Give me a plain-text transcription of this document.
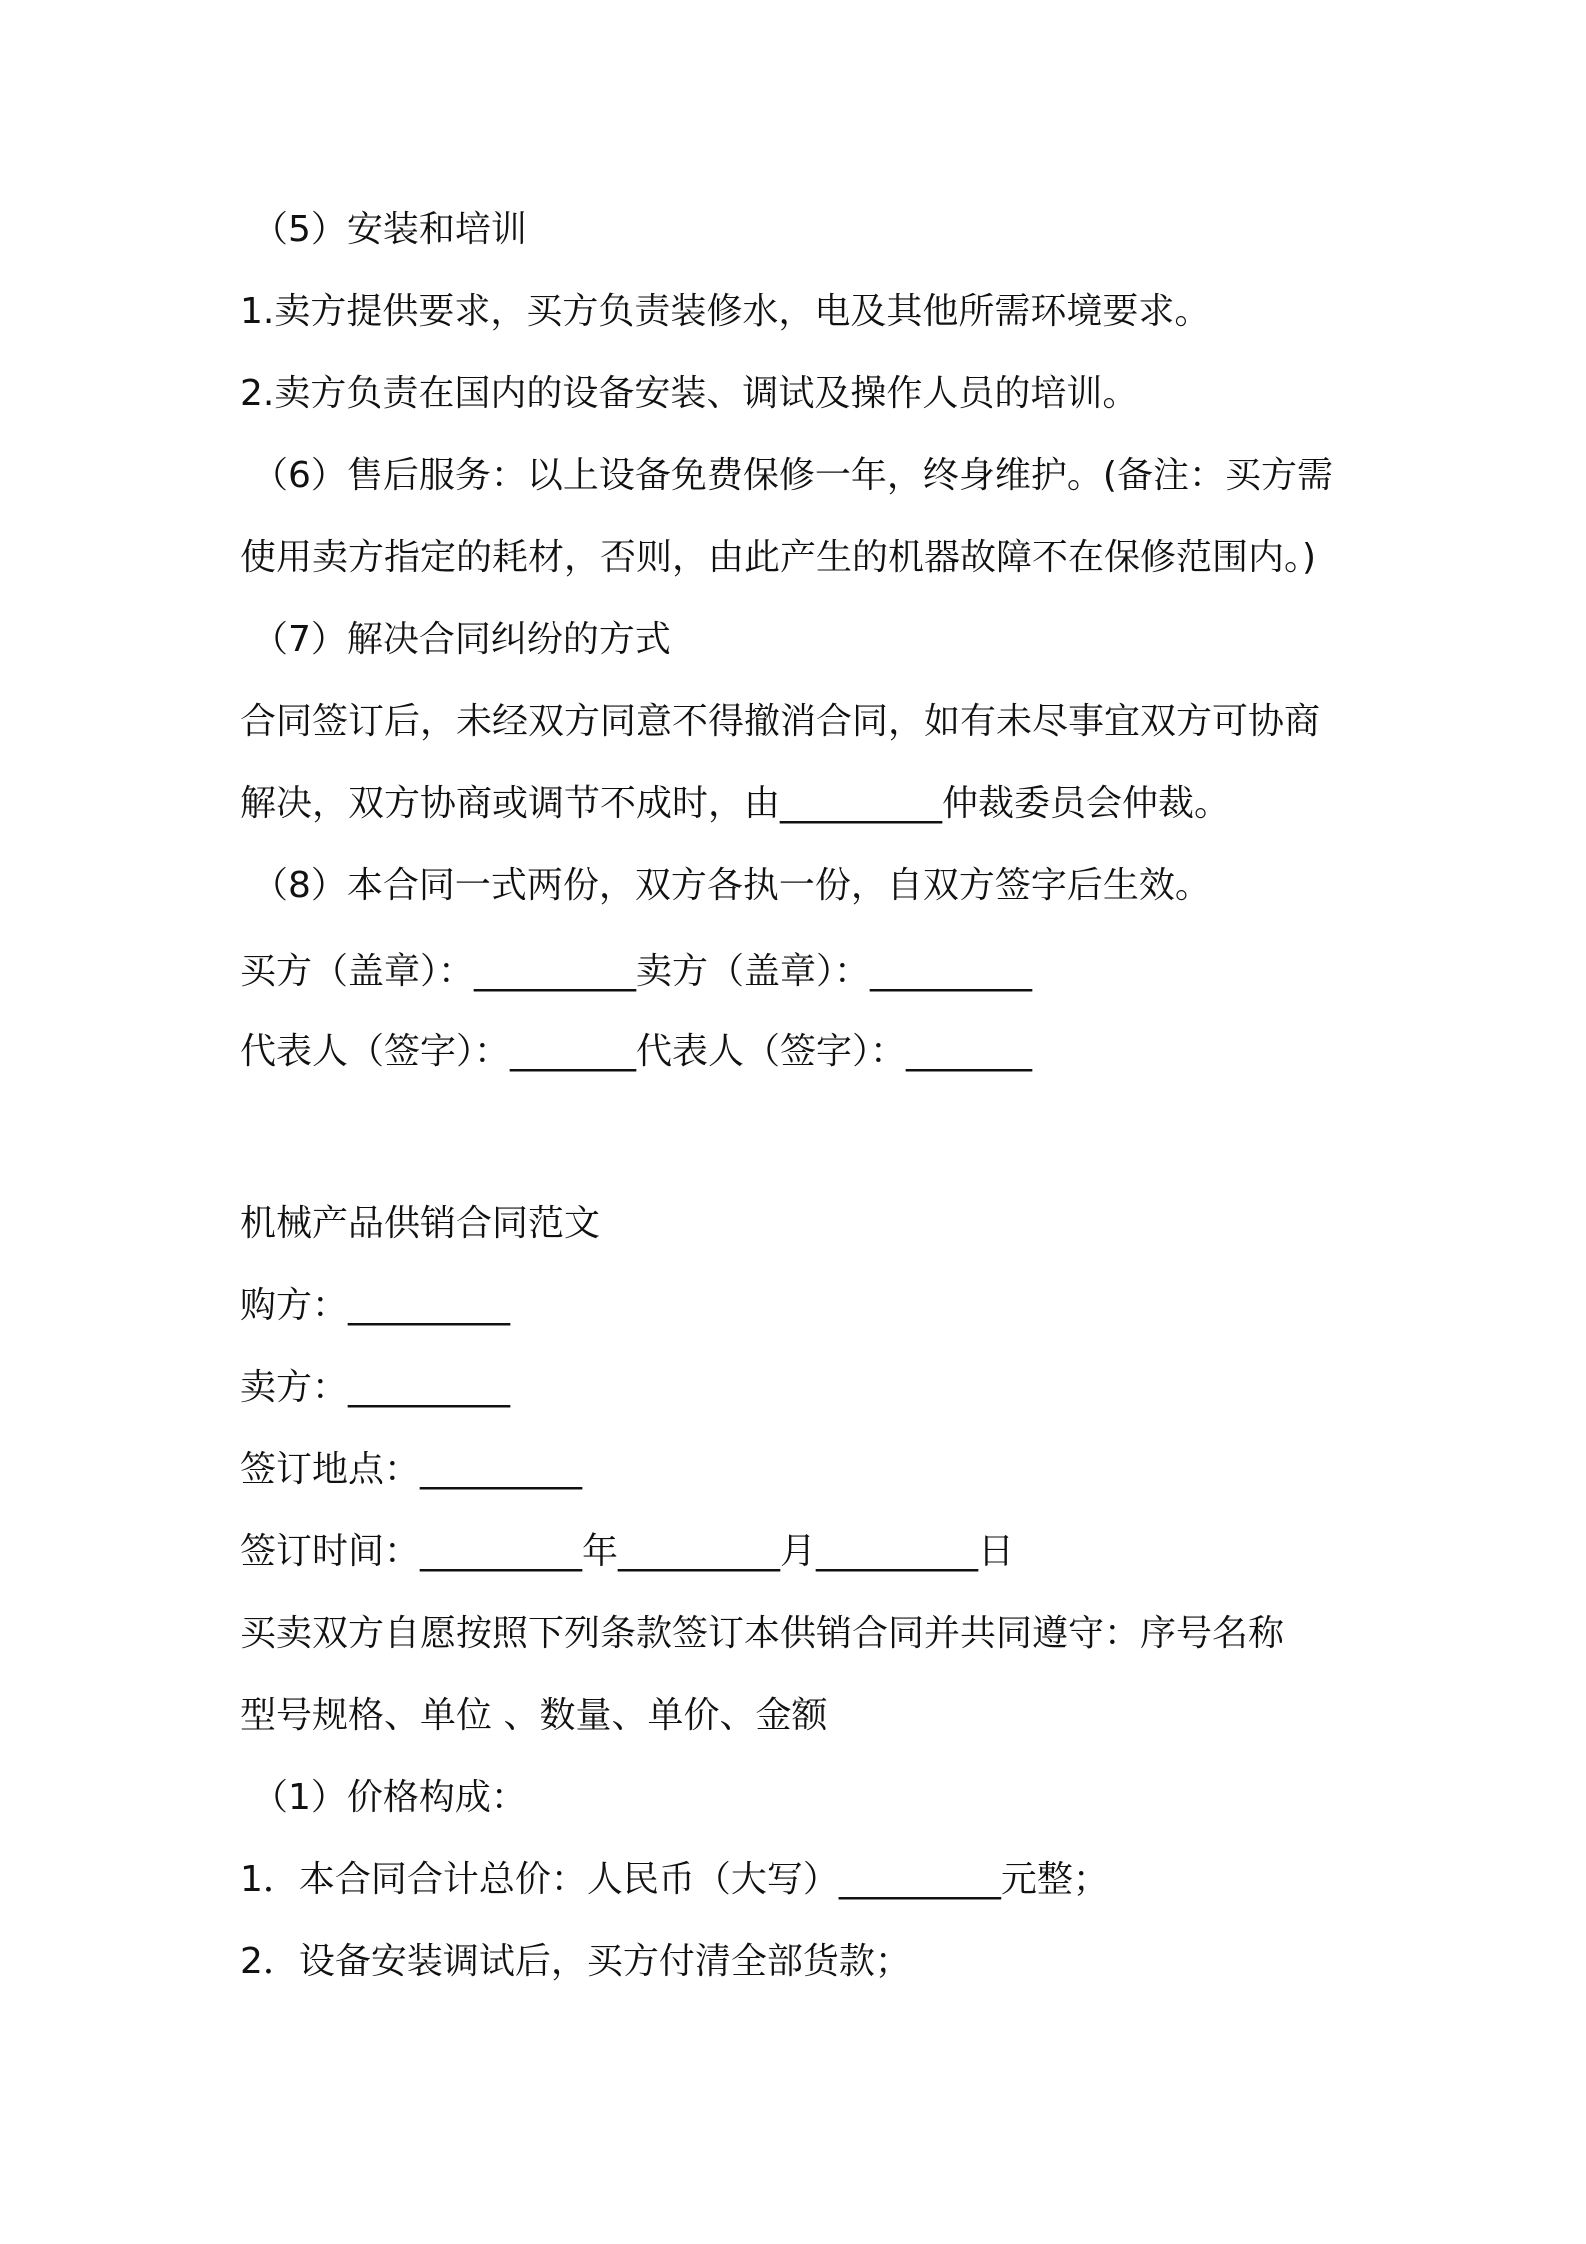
（5）安装和培训

1.卖方提供要求，买方负责装修水，电及其他所需环境要求。

2.卖方负责在国内的设备安装、调试及操作人员的培训。

（6）售后服务：以上设备免费保修一年，终身维护。(备注：买方需

使用卖方指定的耗材，否则，由此产生的机器故障不在保修范围内。)

（7）解决合同纠纷的方式

合同签订后，未经双方同意不得撤消合同，如有未尽事宜双方可协商

解决，双方协商或调节不成时，由_________仲裁委员会仲裁。

（8）本合同一式两份，双方各执一份，自双方签字后生效。

买方（盖章）：_________卖方（盖章）：_________

代表人（签字）：_______代表人（签字）：_______

机械产品供销合同范文

购方：_________

卖方：_________

签订地点：_________

签订时间：_________年_________月_________日

买卖双方自愿按照下列条款签订本供销合同并共同遵守：序号名称

型号规格、单位 、数量、单价、金额

（1）价格构成：

1．本合同合计总价：人民币（大写）_________元整；

2．设备安装调试后，买方付清全部货款；
